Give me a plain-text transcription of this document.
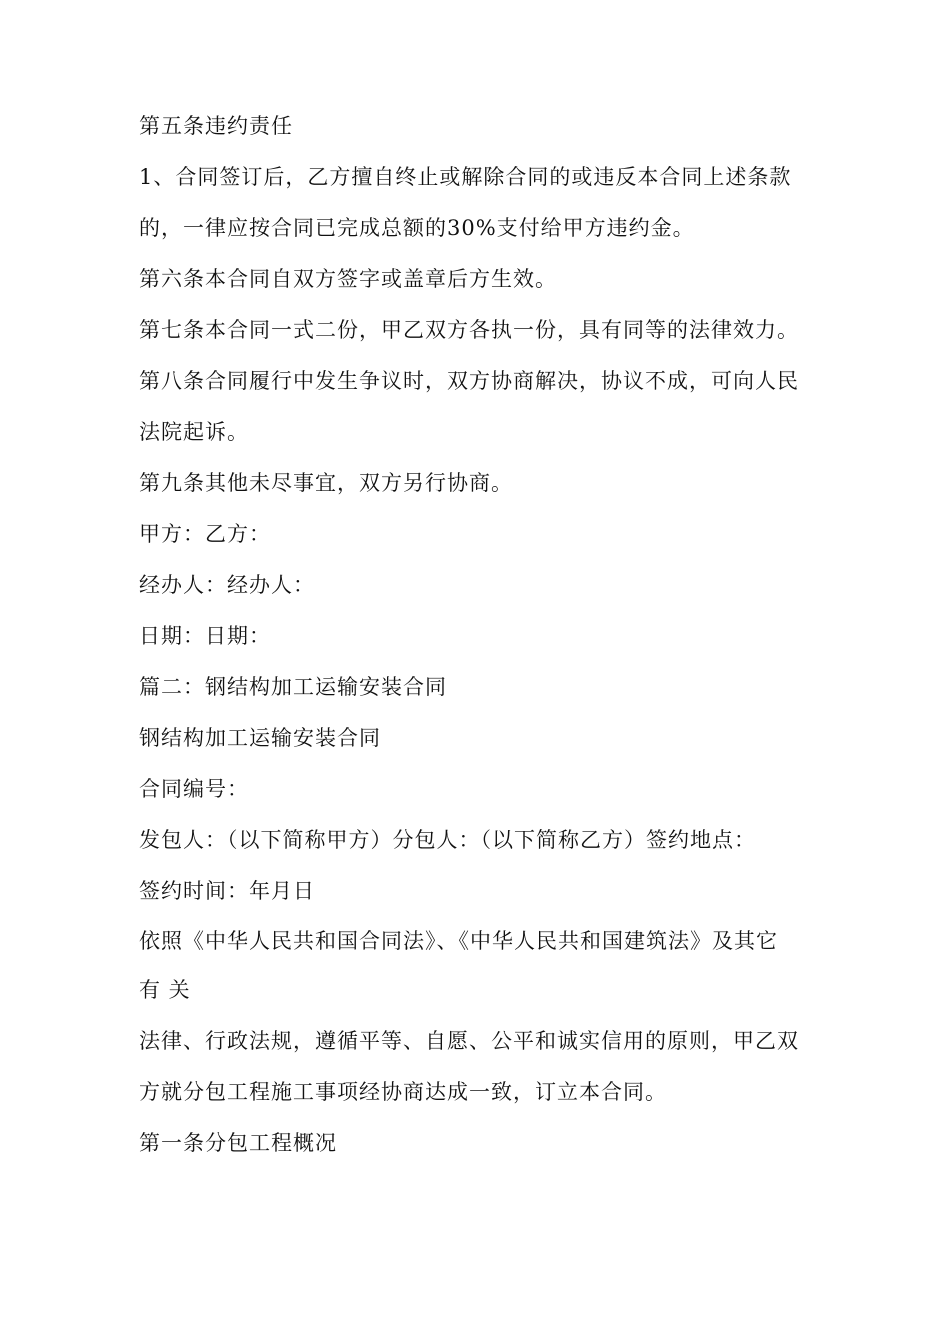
第五条违约责任
1、合同签订后，乙方擅自终止或解除合同的或违反本合同上述条款
的，一律应按合同已完成总额的30%支付给甲方违约金。
第六条本合同自双方签字或盖章后方生效。
第七条本合同一式二份，甲乙双方各执一份，具有同等的法律效力。
第八条合同履行中发生争议时，双方协商解决，协议不成，可向人民
法院起诉。
第九条其他未尽事宜，双方另行协商。
甲方：乙方：
经办人：经办人：
日期：日期：
篇二：钢结构加工运输安装合同
钢结构加工运输安装合同
合同编号：
发包人：（以下简称甲方）分包人：（以下简称乙方）签约地点：
签约时间：年月日
依照《中华人民共和国合同法》、《中华人民共和国建筑法》及其它
有 关
法律、行政法规，遵循平等、自愿、公平和诚实信用的原则，甲乙双
方就分包工程施工事项经协商达成一致，订立本合同。
第一条分包工程概况
